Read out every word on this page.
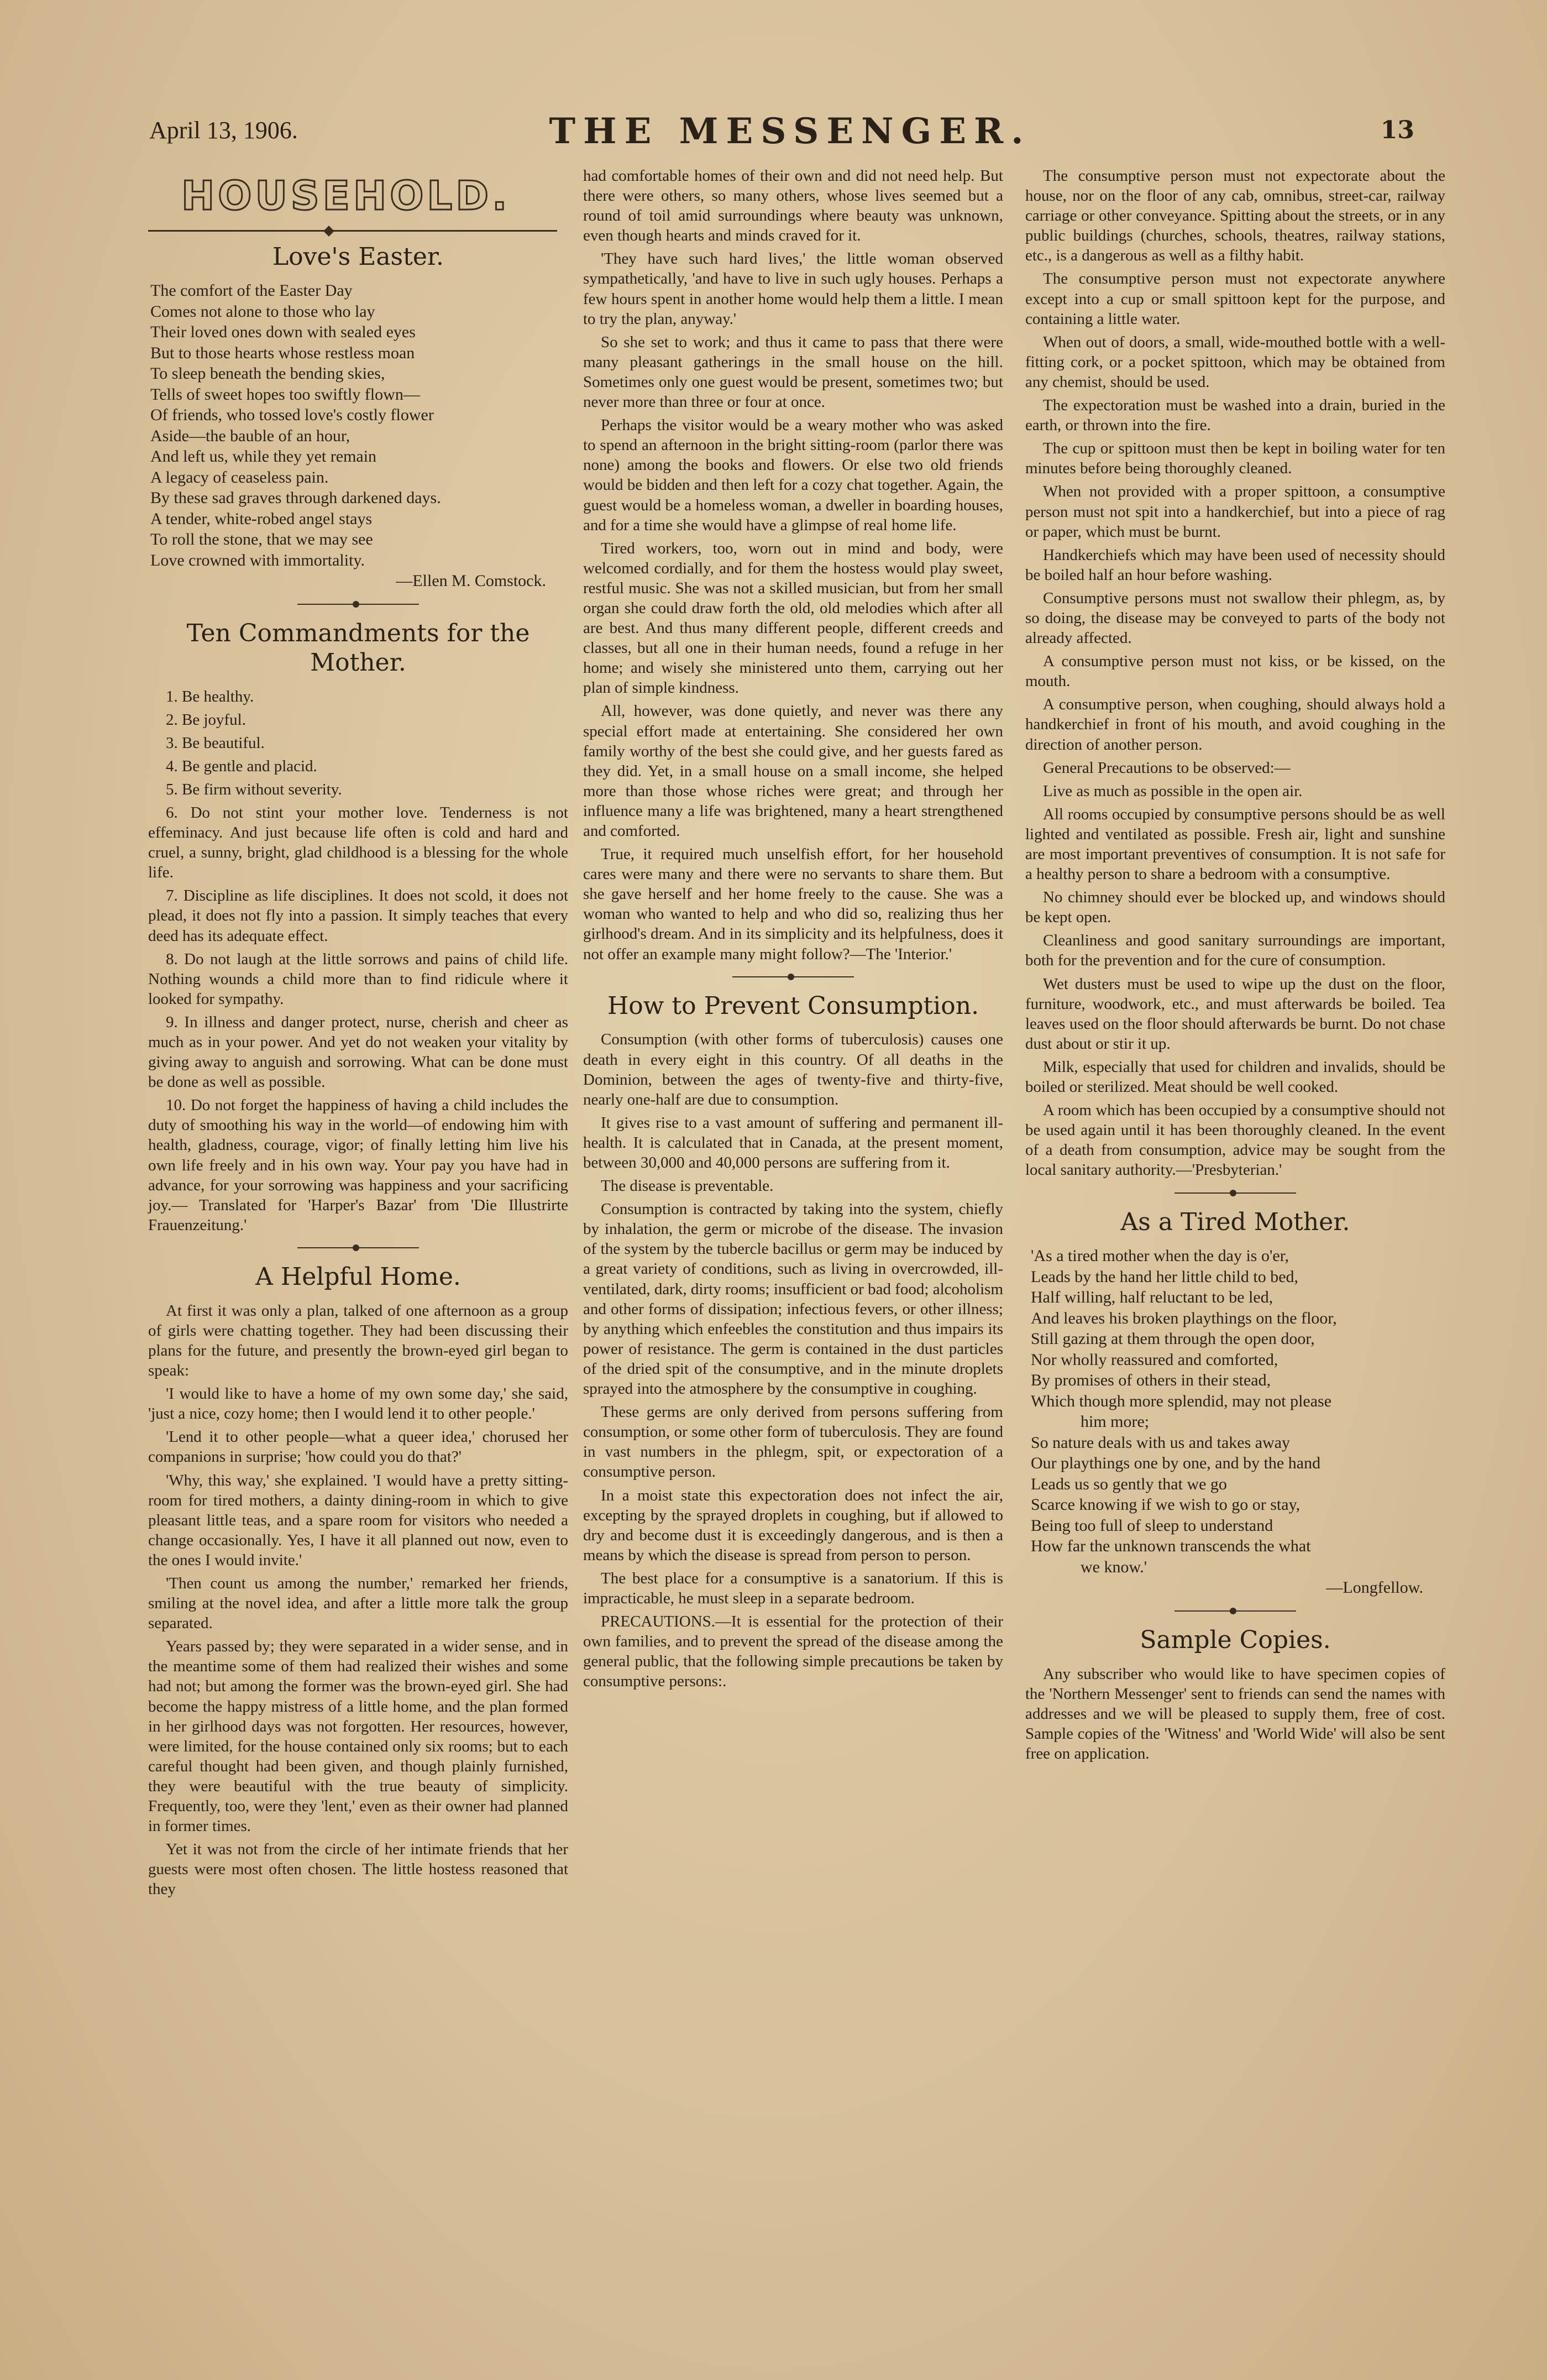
April 13, 1906.	THE MESSENGER.	13
HOUSEHOLD.
Love's Easter.
The comfort of the Easter Day
Comes not alone to those who lay
Their loved ones down with sealed eyes
But to those hearts whose restless moan
To sleep beneath the bending skies,
Tells of sweet hopes too swiftly flown—
Of friends, who tossed love's costly flower
Aside—the bauble of an hour,
And left us, while they yet remain
A legacy of ceaseless pain.
By these sad graves through darkened days.
A tender, white-robed angel stays
To roll the stone, that we may see
Love crowned with immortality.
—Ellen M. Comstock.
Ten Commandments for the Mother.

1. Be healthy.

2. Be joyful.

3. Be beautiful.

4. Be gentle and placid.

5. Be firm without severity.

6. Do not stint your mother love. Tenderness is not effeminacy. And just because life often is cold and hard and cruel, a sunny, bright, glad childhood is a blessing for the whole life.

7. Discipline as life disciplines. It does not scold, it does not plead, it does not fly into a passion. It simply teaches that every deed has its adequate effect.

8. Do not laugh at the little sorrows and pains of child life. Nothing wounds a child more than to find ridicule where it looked for sympathy.

9. In illness and danger protect, nurse, cherish and cheer as much as in your power. And yet do not weaken your vitality by giving away to anguish and sorrowing. What can be done must be done as well as possible.

10. Do not forget the happiness of having a child includes the duty of smoothing his way in the world—of endowing him with health, gladness, courage, vigor; of finally letting him live his own life freely and in his own way. Your pay you have had in advance, for your sorrowing was happiness and your sacrificing joy.— Translated for 'Harper's Bazar' from 'Die Illustrirte Frauenzeitung.'

A Helpful Home.

At first it was only a plan, talked of one afternoon as a group of girls were chatting together. They had been discussing their plans for the future, and presently the brown-eyed girl began to speak:

'I would like to have a home of my own some day,' she said, 'just a nice, cozy home; then I would lend it to other people.'

'Lend it to other people—what a queer idea,' chorused her companions in surprise; 'how could you do that?'

'Why, this way,' she explained. 'I would have a pretty sitting-room for tired mothers, a dainty dining-room in which to give pleasant little teas, and a spare room for visitors who needed a change occasionally. Yes, I have it all planned out now, even to the ones I would invite.'

'Then count us among the number,' remarked her friends, smiling at the novel idea, and after a little more talk the group separated.

Years passed by; they were separated in a wider sense, and in the meantime some of them had realized their wishes and some had not; but among the former was the brown-eyed girl. She had become the happy mistress of a little home, and the plan formed in her girlhood days was not forgotten. Her resources, however, were limited, for the house contained only six rooms; but to each careful thought had been given, and though plainly furnished, they were beautiful with the true beauty of simplicity. Frequently, too, were they 'lent,' even as their owner had planned in former times.

Yet it was not from the circle of her intimate friends that her guests were most often chosen. The little hostess reasoned that they

had comfortable homes of their own and did not need help. But there were others, so many others, whose lives seemed but a round of toil amid surroundings where beauty was unknown, even though hearts and minds craved for it.

'They have such hard lives,' the little woman observed sympathetically, 'and have to live in such ugly houses. Perhaps a few hours spent in another home would help them a little. I mean to try the plan, anyway.'

So she set to work; and thus it came to pass that there were many pleasant gatherings in the small house on the hill. Sometimes only one guest would be present, sometimes two; but never more than three or four at once.

Perhaps the visitor would be a weary mother who was asked to spend an afternoon in the bright sitting-room (parlor there was none) among the books and flowers. Or else two old friends would be bidden and then left for a cozy chat together. Again, the guest would be a homeless woman, a dweller in boarding houses, and for a time she would have a glimpse of real home life.

Tired workers, too, worn out in mind and body, were welcomed cordially, and for them the hostess would play sweet, restful music. She was not a skilled musician, but from her small organ she could draw forth the old, old melodies which after all are best. And thus many different people, different creeds and classes, but all one in their human needs, found a refuge in her home; and wisely she ministered unto them, carrying out her plan of simple kindness.

All, however, was done quietly, and never was there any special effort made at entertaining. She considered her own family worthy of the best she could give, and her guests fared as they did. Yet, in a small house on a small income, she helped more than those whose riches were great; and through her influence many a life was brightened, many a heart strengthened and comforted.

True, it required much unselfish effort, for her household cares were many and there were no servants to share them. But she gave herself and her home freely to the cause. She was a woman who wanted to help and who did so, realizing thus her girlhood's dream. And in its simplicity and its helpfulness, does it not offer an example many might follow?—The 'Interior.'

How to Prevent Consumption.

Consumption (with other forms of tuberculosis) causes one death in every eight in this country. Of all deaths in the Dominion, between the ages of twenty-five and thirty-five, nearly one-half are due to consumption.

It gives rise to a vast amount of suffering and permanent ill-health. It is calculated that in Canada, at the present moment, between 30,000 and 40,000 persons are suffering from it.

The disease is preventable.

Consumption is contracted by taking into the system, chiefly by inhalation, the germ or microbe of the disease. The invasion of the system by the tubercle bacillus or germ may be induced by a great variety of conditions, such as living in overcrowded, ill-ventilated, dark, dirty rooms; insufficient or bad food; alcoholism and other forms of dissipation; infectious fevers, or other illness; by anything which enfeebles the constitution and thus impairs its power of resistance. The germ is contained in the dust particles of the dried spit of the consumptive, and in the minute droplets sprayed into the atmosphere by the consumptive in coughing.

These germs are only derived from persons suffering from consumption, or some other form of tuberculosis. They are found in vast numbers in the phlegm, spit, or expectoration of a consumptive person.

In a moist state this expectoration does not infect the air, excepting by the sprayed droplets in coughing, but if allowed to dry and become dust it is exceedingly dangerous, and is then a means by which the disease is spread from person to person.

The best place for a consumptive is a sanatorium. If this is impracticable, he must sleep in a separate bedroom.

PRECAUTIONS.—It is essential for the protection of their own families, and to prevent the spread of the disease among the general public, that the following simple precautions be taken by consumptive persons:.

The consumptive person must not expectorate about the house, nor on the floor of any cab, omnibus, street-car, railway carriage or other conveyance. Spitting about the streets, or in any public buildings (churches, schools, theatres, railway stations, etc., is a dangerous as well as a filthy habit.

The consumptive person must not expectorate anywhere except into a cup or small spittoon kept for the purpose, and containing a little water.

When out of doors, a small, wide-mouthed bottle with a well-fitting cork, or a pocket spittoon, which may be obtained from any chemist, should be used.

The expectoration must be washed into a drain, buried in the earth, or thrown into the fire.

The cup or spittoon must then be kept in boiling water for ten minutes before being thoroughly cleaned.

When not provided with a proper spittoon, a consumptive person must not spit into a handkerchief, but into a piece of rag or paper, which must be burnt.

Handkerchiefs which may have been used of necessity should be boiled half an hour before washing.

Consumptive persons must not swallow their phlegm, as, by so doing, the disease may be conveyed to parts of the body not already affected.

A consumptive person must not kiss, or be kissed, on the mouth.

A consumptive person, when coughing, should always hold a handkerchief in front of his mouth, and avoid coughing in the direction of another person.

General Precautions to be observed:—

Live as much as possible in the open air.

All rooms occupied by consumptive persons should be as well lighted and ventilated as possible. Fresh air, light and sunshine are most important preventives of consumption. It is not safe for a healthy person to share a bedroom with a consumptive.

No chimney should ever be blocked up, and windows should be kept open.

Cleanliness and good sanitary surroundings are important, both for the prevention and for the cure of consumption.

Wet dusters must be used to wipe up the dust on the floor, furniture, woodwork, etc., and must afterwards be boiled. Tea leaves used on the floor should afterwards be burnt. Do not chase dust about or stir it up.

Milk, especially that used for children and invalids, should be boiled or sterilized. Meat should be well cooked.

A room which has been occupied by a consumptive should not be used again until it has been thoroughly cleaned. In the event of a death from consumption, advice may be sought from the local sanitary authority.—'Presbyterian.'

As a Tired Mother.
'As a tired mother when the day is o'er,
Leads by the hand her little child to bed,
Half willing, half reluctant to be led,
And leaves his broken playthings on the floor,
Still gazing at them through the open door,
Nor wholly reassured and comforted,
By promises of others in their stead,
Which though more splendid, may not please
him more;
So nature deals with us and takes away
Our playthings one by one, and by the hand
Leads us so gently that we go
Scarce knowing if we wish to go or stay,
Being too full of sleep to understand
How far the unknown transcends the what
we know.'
—Longfellow.
Sample Copies.

Any subscriber who would like to have specimen copies of the 'Northern Messenger' sent to friends can send the names with addresses and we will be pleased to supply them, free of cost. Sample copies of the 'Witness' and 'World Wide' will also be sent free on application.
